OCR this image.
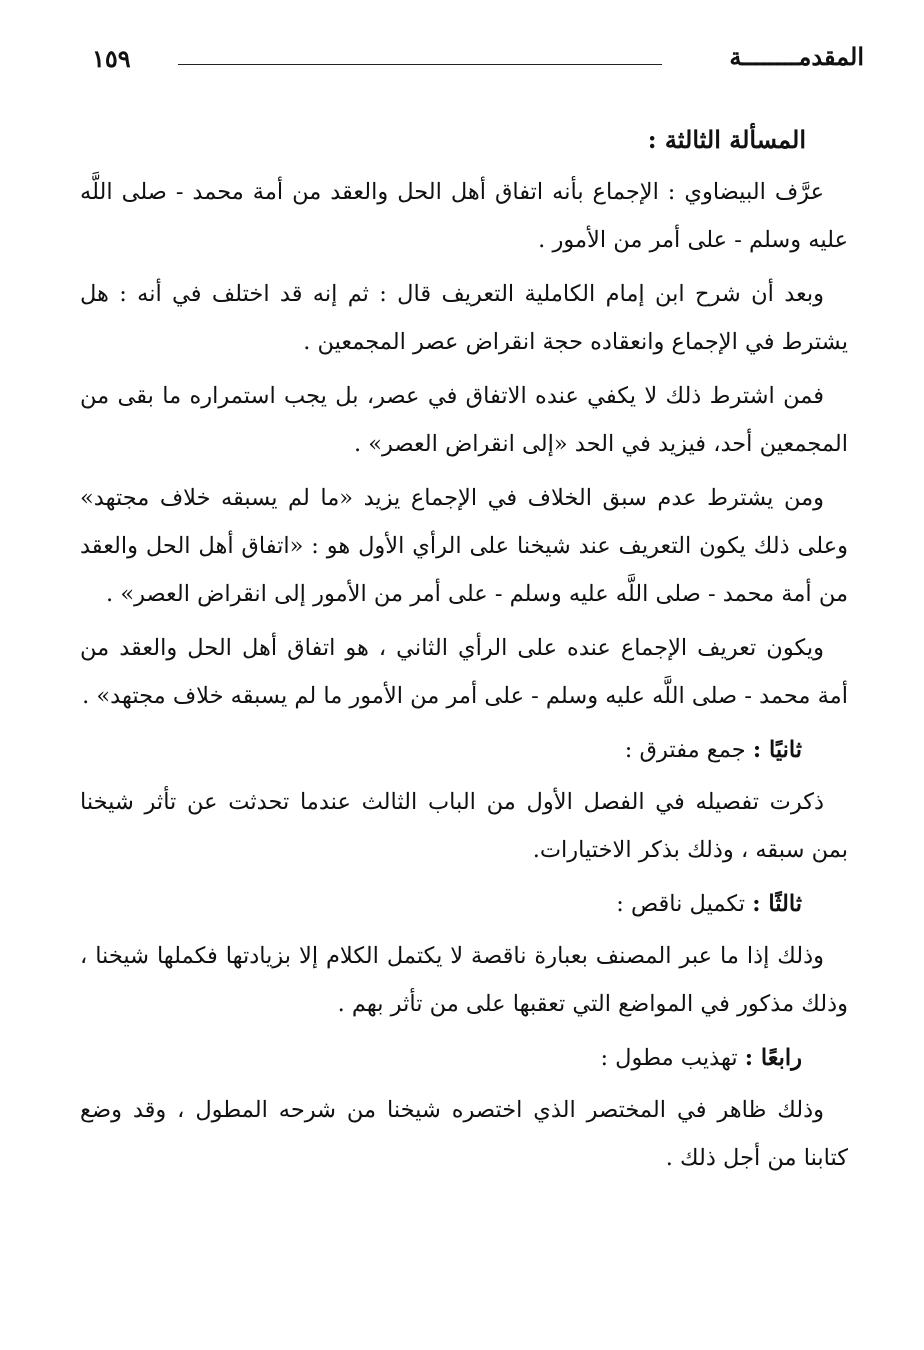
١٥٩	المقدمــــــــة

المسألة الثالثة :

عرَّف البيضاوي : الإجماع بأنه اتفاق أهل الحل والعقد من أمة محمد - صلى اللَّه عليه وسلم - على أمر من الأمور .

وبعد أن شرح ابن إمام الكاملية التعريف قال : ثم إنه قد اختلف في أنه : هل يشترط في الإجماع وانعقاده حجة انقراض عصر المجمعين .

فمن اشترط ذلك لا يكفي عنده الاتفاق في عصر، بل يجب استمراره ما بقى من المجمعين أحد، فيزيد في الحد «إلى انقراض العصر» .

ومن يشترط عدم سبق الخلاف في الإجماع يزيد «ما لم يسبقه خلاف مجتهد» وعلى ذلك يكون التعريف عند شيخنا على الرأي الأول هو : «اتفاق أهل الحل والعقد من أمة محمد - صلى اللَّه عليه وسلم - على أمر من الأمور إلى انقراض العصر» .

ويكون تعريف الإجماع عنده على الرأي الثاني ، هو اتفاق أهل الحل والعقد من أمة محمد - صلى اللَّه عليه وسلم - على أمر من الأمور ما لم يسبقه خلاف مجتهد» .

ثانيًا : جمع مفترق :

ذكرت تفصيله في الفصل الأول من الباب الثالث عندما تحدثت عن تأثر شيخنا بمن سبقه ، وذلك بذكر الاختيارات.

ثالثًا : تكميل ناقص :

وذلك إذا ما عبر المصنف بعبارة ناقصة لا يكتمل الكلام إلا بزيادتها فكملها شيخنا ، وذلك مذكور في المواضع التي تعقبها على من تأثر بهم .

رابعًا : تهذيب مطول :

وذلك ظاهر في المختصر الذي اختصره شيخنا من شرحه المطول ، وقد وضع كتابنا من أجل ذلك .
